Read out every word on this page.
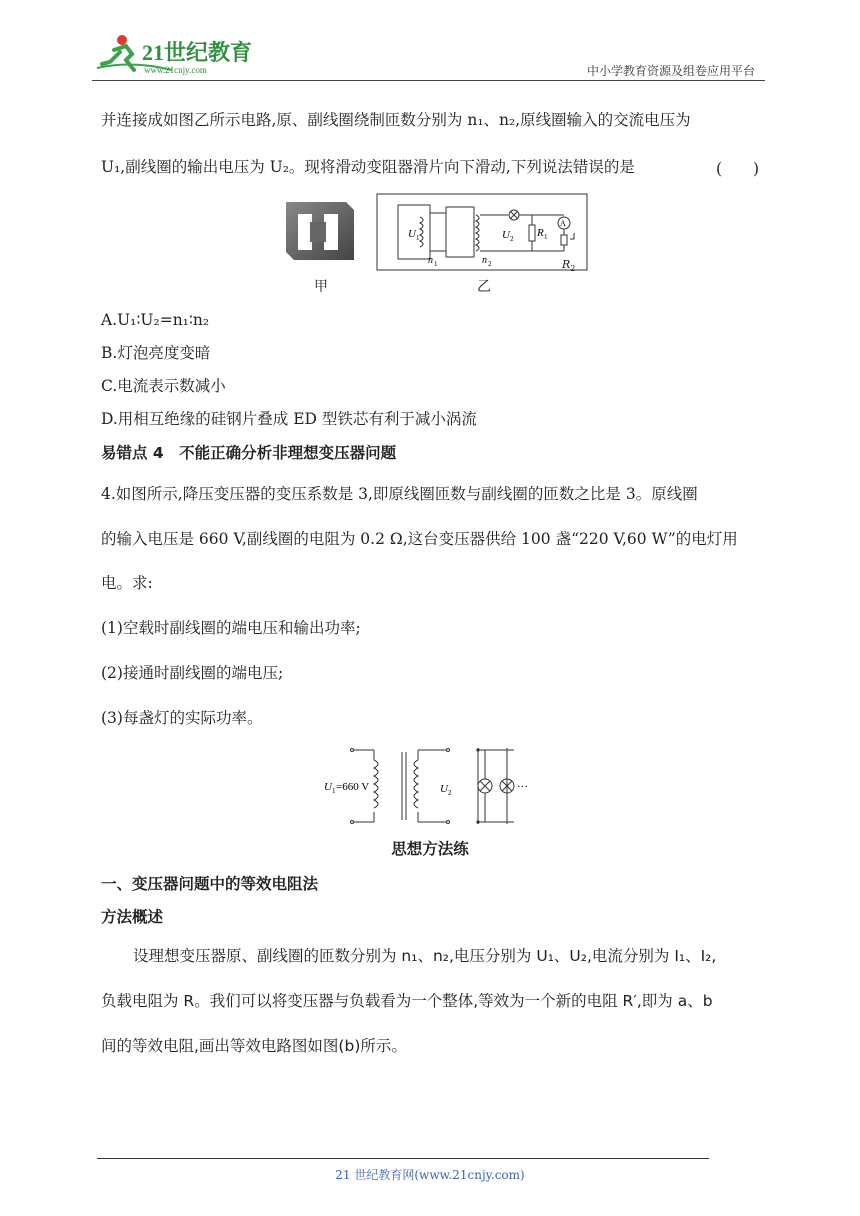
21世纪教育
www.21cnjy.com	中小学教育资源及组卷应用平台
并连接成如图乙所示电路,原、副线圈绕制匝数分别为 n₁、n₂,原线圈输入的交流电压为
U₁,副线圈的输出电压为 U₂。现将滑动变阻器滑片向下滑动,下列说法错误的是	(　　)
甲
A
U 1
n 1	n 2
U 2 R 1
$R_2$
乙
A.U₁∶U₂=n₁∶n₂
B.灯泡亮度变暗
C.电流表示数减小
D.用相互绝缘的硅钢片叠成 ED 型铁芯有利于减小涡流
易错点 4　不能正确分析非理想变压器问题
4.如图所示,降压变压器的变压系数是 3,即原线圈匝数与副线圈的匝数之比是 3。原线圈
的输入电压是 660 V,副线圈的电阻为 0.2 Ω,这台变压器供给 100 盏“220 V,60 W”的电灯用
电。求:
(1)空载时副线圈的端电压和输出功率;
(2)接通时副线圈的端电压;
(3)每盏灯的实际功率。
U 1 =660 V	U 2	···
思想方法练
一、变压器问题中的等效电阻法
方法概述
设理想变压器原、副线圈的匝数分别为 n₁、n₂,电压分别为 U₁、U₂,电流分别为 I₁、I₂,
负载电阻为 R。我们可以将变压器与负载看为一个整体,等效为一个新的电阻 R′,即为 a、b
间的等效电阻,画出等效电路图如图(b)所示。
21 世纪教育网(www.21cnjy.com)
